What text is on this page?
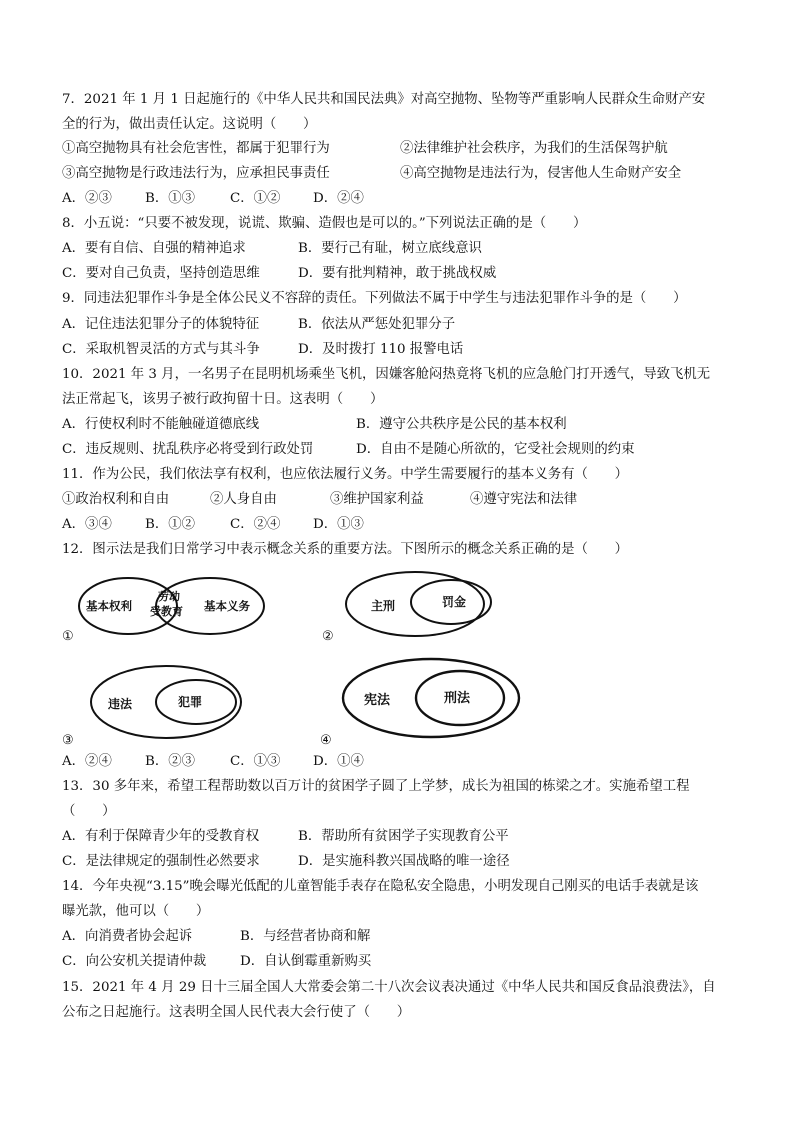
7．2021 年 1 月 1 日起施行的《中华人民共和国民法典》对高空抛物、坠物等严重影响人民群众生命财产安
全的行为，做出责任认定。这说明（　　）
①高空抛物具有社会危害性，都属于犯罪行为	②法律维护社会秩序，为我们的生活保驾护航
③高空抛物是行政违法行为，应承担民事责任	④高空抛物是违法行为，侵害他人生命财产安全
A．②③ B．①③	C．①② D．②④
8．小五说：“只要不被发现，说谎、欺骗、造假也是可以的。”下列说法正确的是（　　）
A．要有自信、自强的精神追求	B．要行己有耻，树立底线意识
C．要对自己负责，坚持创造思维	D．要有批判精神，敢于挑战权威
9．同违法犯罪作斗争是全体公民义不容辞的责任。下列做法不属于中学生与违法犯罪作斗争的是（　　）
A．记住违法犯罪分子的体貌特征	B．依法从严惩处犯罪分子
C．采取机智灵活的方式与其斗争	D．及时拨打 110 报警电话
10．2021 年 3 月，一名男子在昆明机场乘坐飞机，因嫌客舱闷热竟将飞机的应急舱门打开透气，导致飞机无
法正常起飞，该男子被行政拘留十日。这表明（　　）
A．行使权利时不能触碰道德底线	B．遵守公共秩序是公民的基本权利
C．违反规则、扰乱秩序必将受到行政处罚	D．自由不是随心所欲的，它受社会规则的约束
11．作为公民，我们依法享有权利，也应依法履行义务。中学生需要履行的基本义务有（　　）
①政治权利和自由	②人身自由	③维护国家利益	④遵守宪法和法律
A．③④ B．①②	C．②④ D．①③
12．图示法是我们日常学习中表示概念关系的重要方法。下图所示的概念关系正确的是（　　）
基本权利
劳动
受教育 基本义务
①
主刑	罚金
②
违法	犯罪
③
宪法	刑法
④
A．②④ B．②③	C．①③ D．①④
13．30 多年来，希望工程帮助数以百万计的贫困学子圆了上学梦，成长为祖国的栋梁之才。实施希望工程
（　　）
A．有利于保障青少年的受教育权	B．帮助所有贫困学子实现教育公平
C．是法律规定的强制性必然要求	D．是实施科教兴国战略的唯一途径
14．今年央视“3.15”晚会曝光低配的儿童智能手表存在隐私安全隐患，小明发现自己刚买的电话手表就是该
曝光款，他可以（　　）
A．向消费者协会起诉	B．与经营者协商和解
C．向公安机关提请仲裁	D．自认倒霉重新购买
15．2021 年 4 月 29 日十三届全国人大常委会第二十八次会议表决通过《中华人民共和国反食品浪费法》，自
公布之日起施行。这表明全国人民代表大会行使了（　　）
